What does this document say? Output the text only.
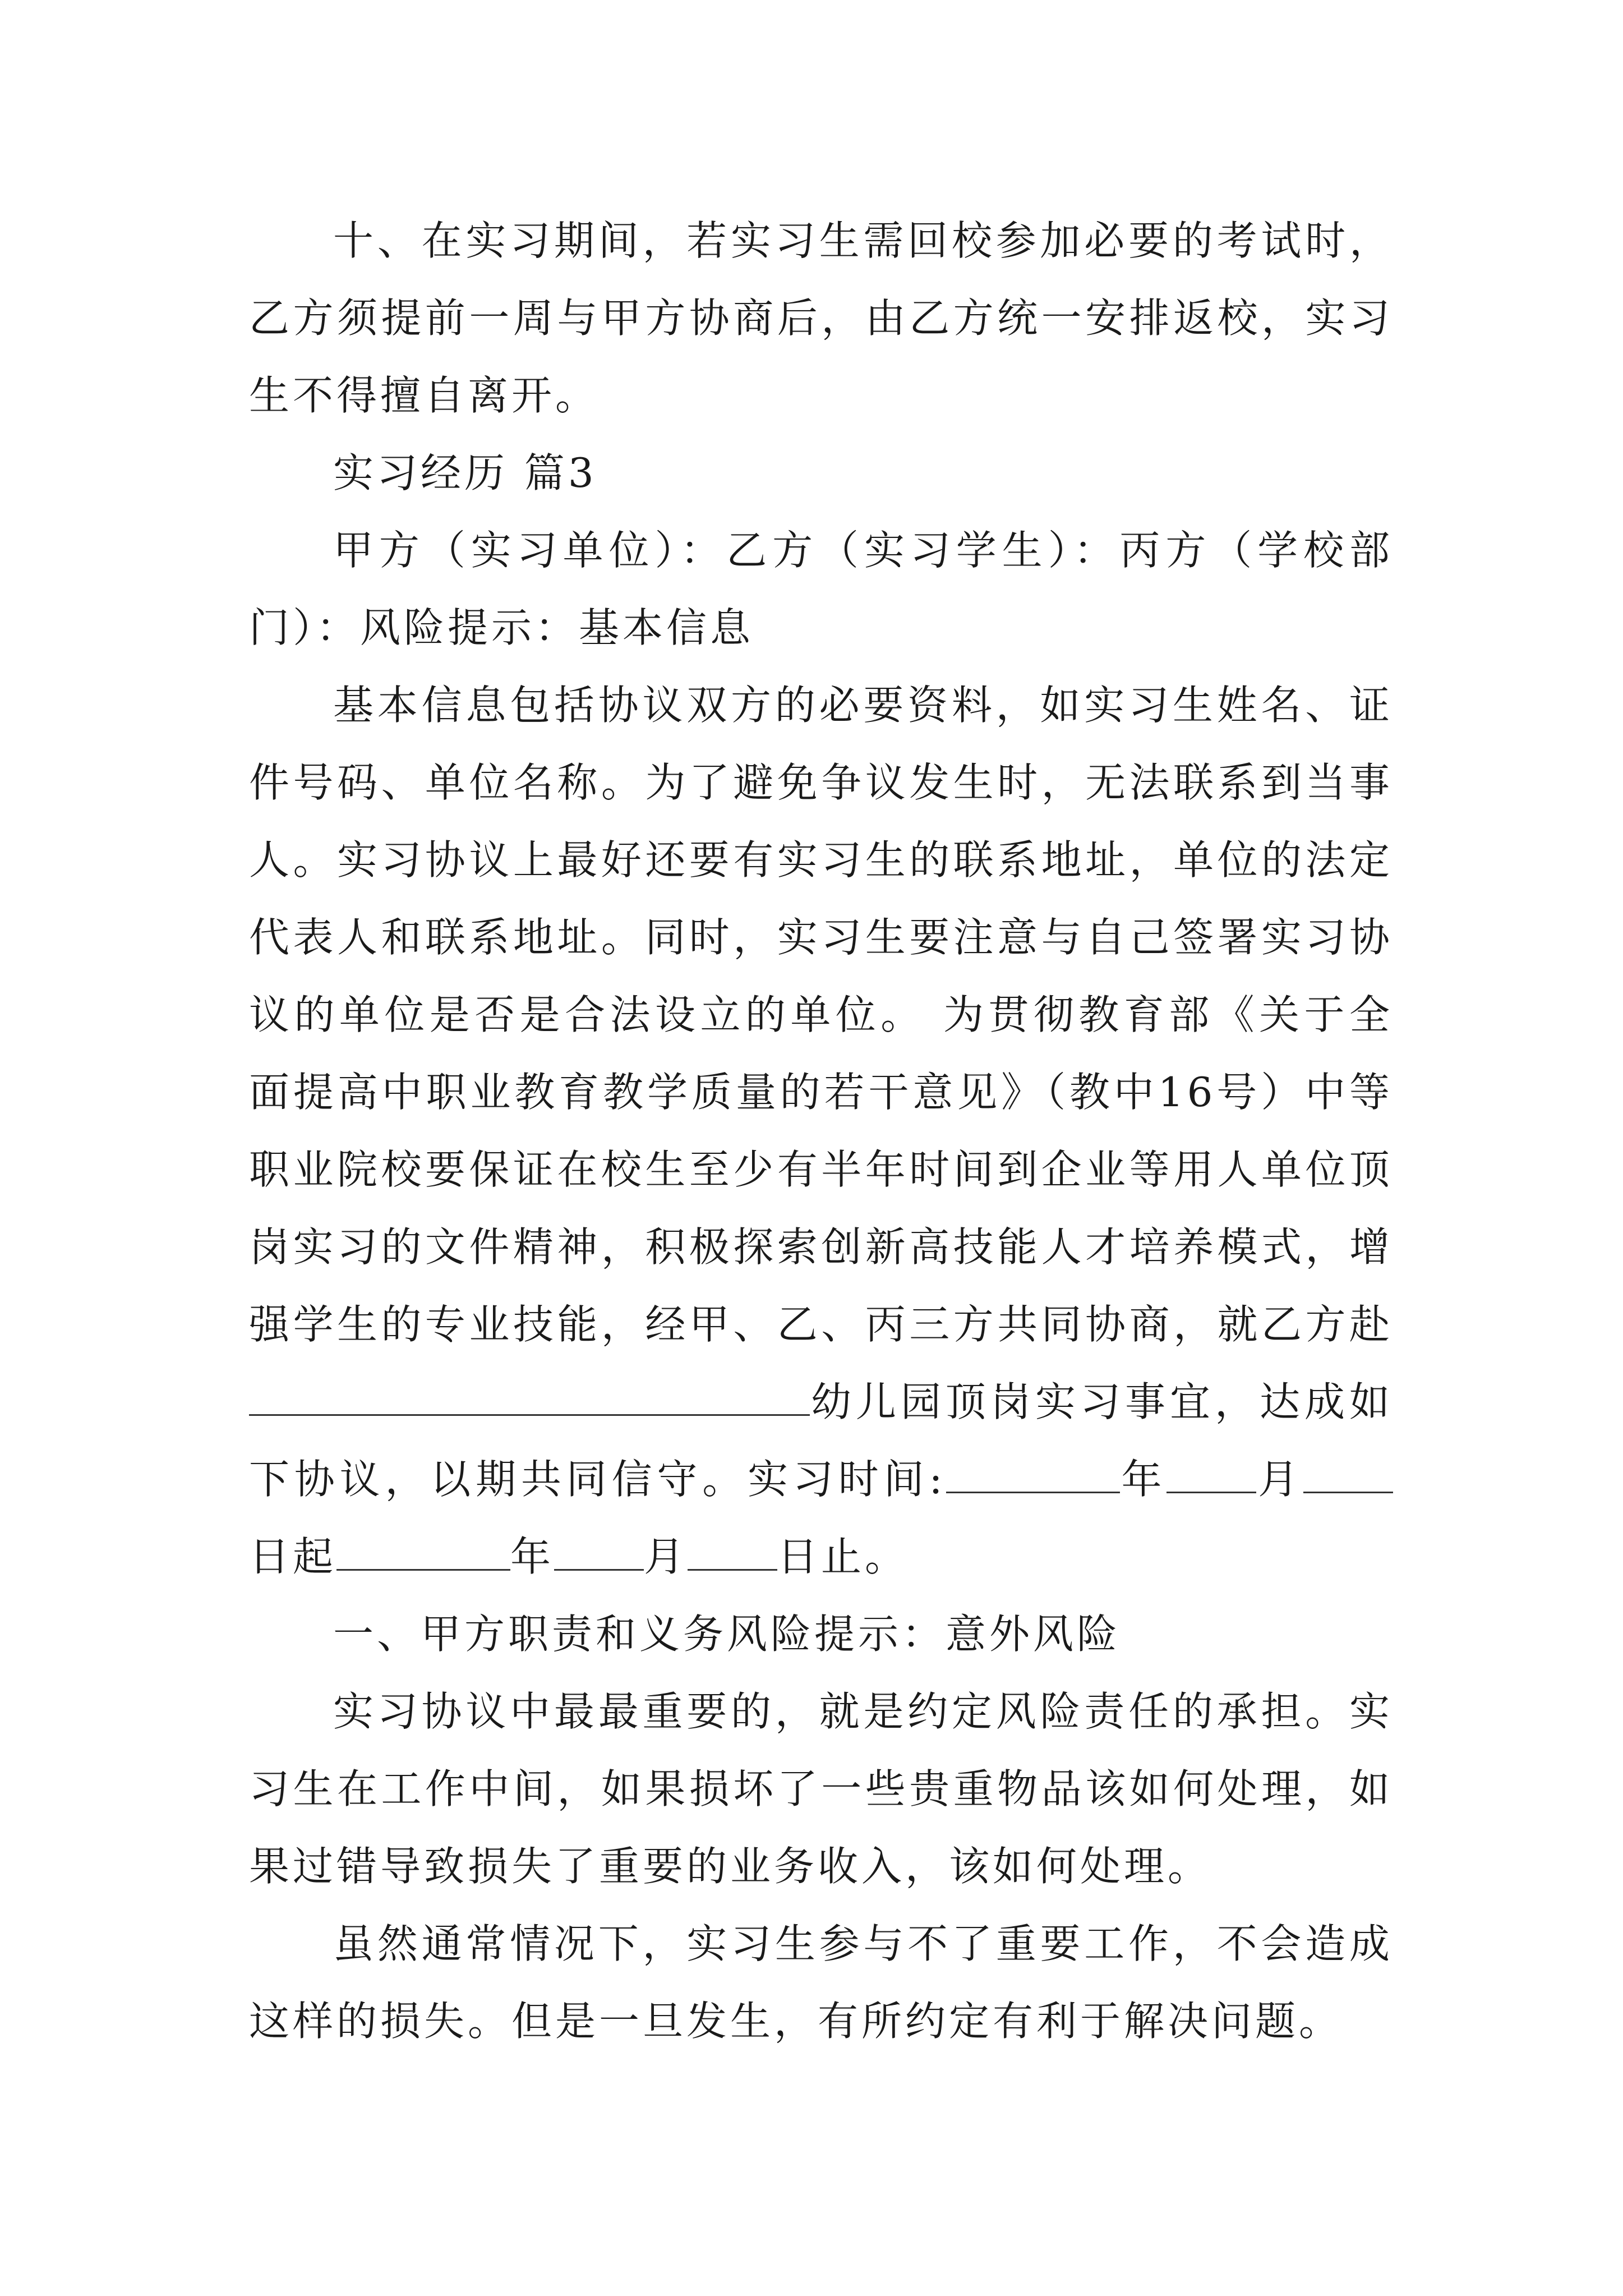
十、在实习期间，若实习生需回校参加必要的考试时，乙方须提前一周与甲方协商后，由乙方统一安排返校，实习生不得擅自离开。

实习经历 篇3

甲方（实习单位）：乙方（实习学生）：丙方（学校部门）：风险提示：基本信息

基本信息包括协议双方的必要资料，如实习生姓名、证件号码、单位名称。为了避免争议发生时，无法联系到当事人。实习协议上最好还要有实习生的联系地址，单位的法定代表人和联系地址。同时，实习生要注意与自己签署实习协议的单位是否是合法设立的单位。 为贯彻教育部《关于全面提高中职业教育教学质量的若干意见》（教中16号）中等职业院校要保证在校生至少有半年时间到企业等用人单位顶岗实习的文件精神，积极探索创新高技能人才培养模式，增强学生的专业技能，经甲、乙、丙三方共同协商，就乙方赴幼儿园顶岗实习事宜，达成如下协议，以期共同信守。实习时间:	年 月日起	年 月 日止。

一、甲方职责和义务风险提示：意外风险

实习协议中最最重要的，就是约定风险责任的承担。实习生在工作中间，如果损坏了一些贵重物品该如何处理，如果过错导致损失了重要的业务收入，该如何处理。

虽然通常情况下，实习生参与不了重要工作，不会造成这样的损失。但是一旦发生，有所约定有利于解决问题。
